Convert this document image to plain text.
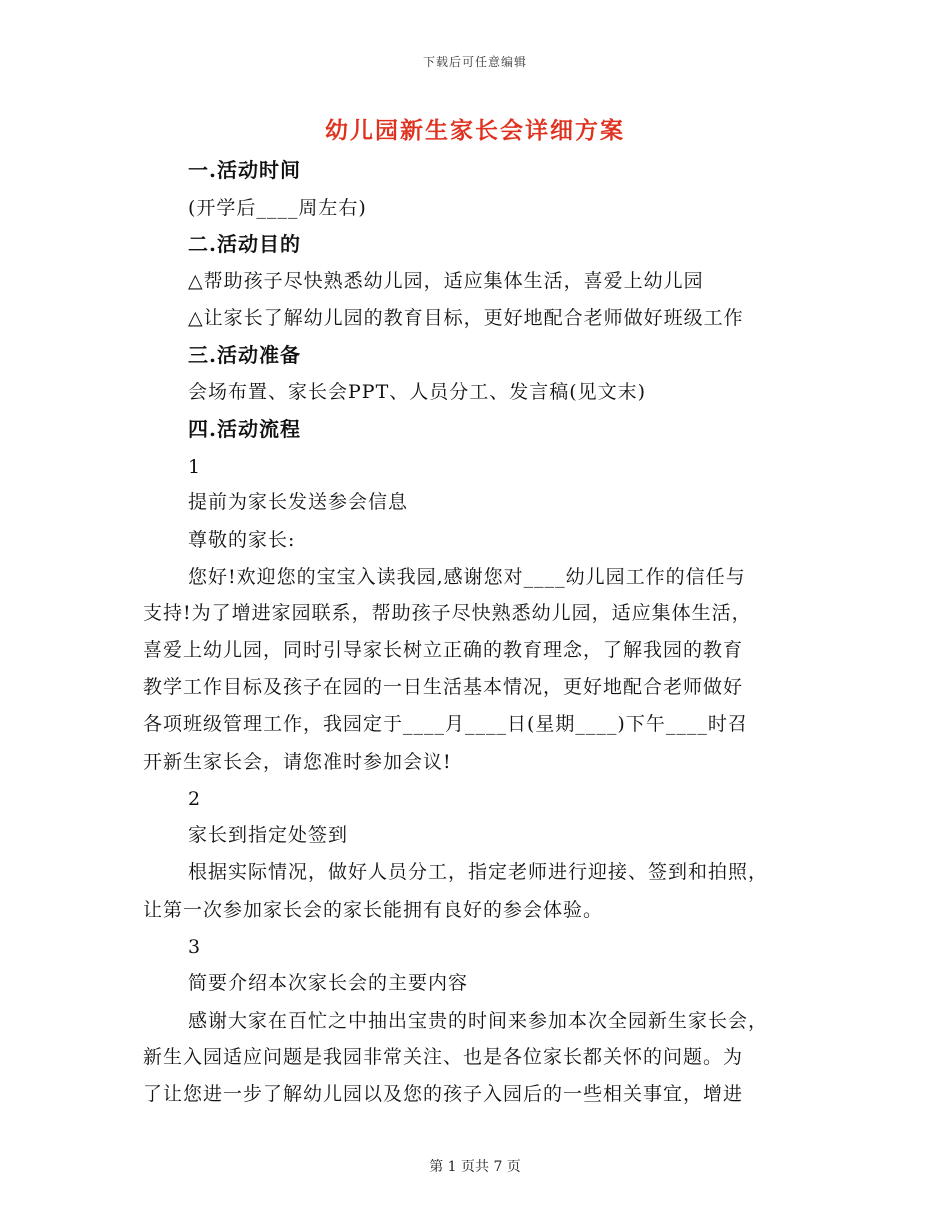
下载后可任意编辑
幼儿园新生家长会详细方案
一.活动时间
(开学后____周左右)
二.活动目的
△帮助孩子尽快熟悉幼儿园，适应集体生活，喜爱上幼儿园
△让家长了解幼儿园的教育目标，更好地配合老师做好班级工作
三.活动准备
会场布置、家长会PPT、人员分工、发言稿(见文末)
四.活动流程
1
提前为家长发送参会信息
尊敬的家长:
您好!欢迎您的宝宝入读我园,感谢您对____幼儿园工作的信任与
支持!为了增进家园联系，帮助孩子尽快熟悉幼儿园，适应集体生活，
喜爱上幼儿园，同时引导家长树立正确的教育理念，了解我园的教育
教学工作目标及孩子在园的一日生活基本情况，更好地配合老师做好
各项班级管理工作，我园定于____月____日(星期____)下午____时召
开新生家长会，请您准时参加会议!
2
家长到指定处签到
根据实际情况，做好人员分工，指定老师进行迎接、签到和拍照，
让第一次参加家长会的家长能拥有良好的参会体验。
3
简要介绍本次家长会的主要内容
感谢大家在百忙之中抽出宝贵的时间来参加本次全园新生家长会，
新生入园适应问题是我园非常关注、也是各位家长都关怀的问题。为
了让您进一步了解幼儿园以及您的孩子入园后的一些相关事宜，增进
第 1 页共 7 页
